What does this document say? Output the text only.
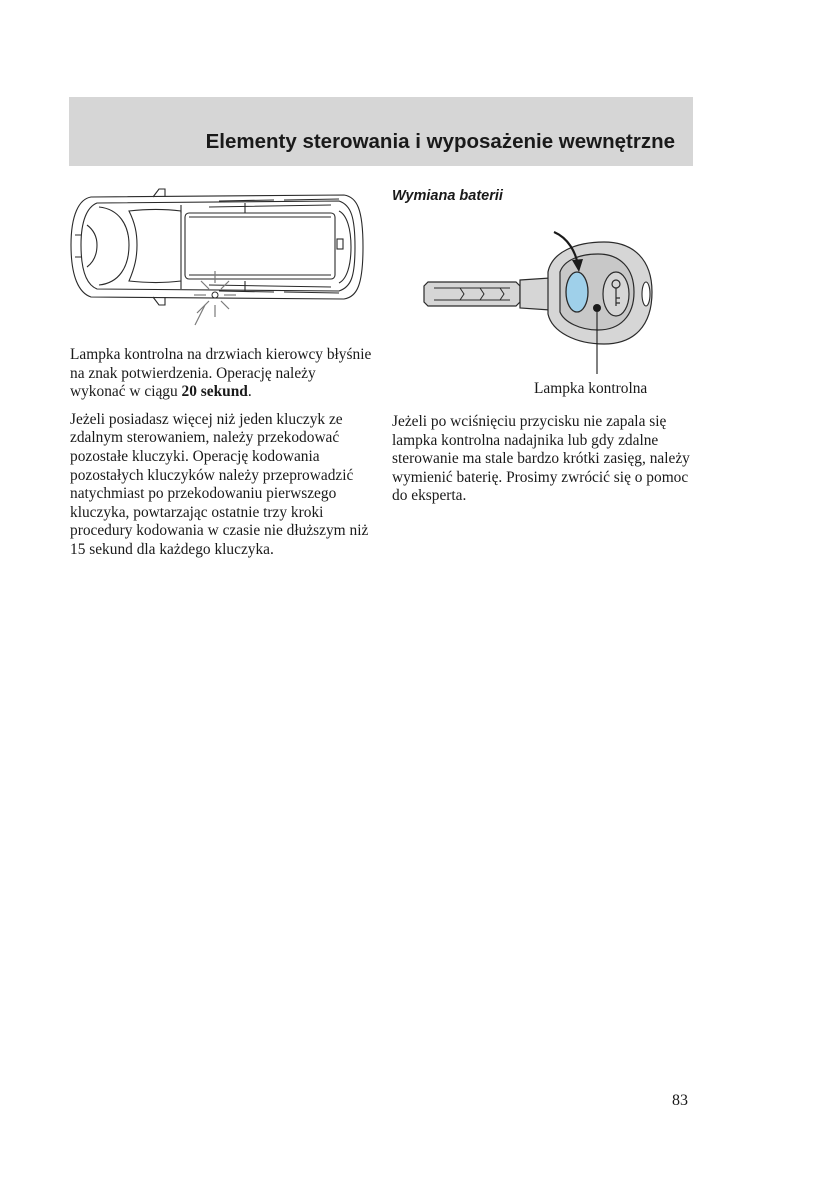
Elementy sterowania i wyposażenie wewnętrzne

Lampka kontrolna na drzwiach kierowcy błyśnie na znak potwierdzenia. Operację należy wykonać w ciągu 20 sekund.

Jeżeli posiadasz więcej niż jeden kluczyk ze zdalnym sterowaniem, należy przekodować pozostałe kluczyki. Operację kodowania pozostałych kluczyków należy przeprowadzić natychmiast po przekodowaniu pierwszego kluczyka, powtarzając ostatnie trzy kroki procedury kodowania w czasie nie dłuższym niż 15 sekund dla każdego kluczyka.

Wymiana baterii
Lampka kontrolna

Jeżeli po wciśnięciu przycisku nie zapala się lampka kontrolna nadajnika lub gdy zdalne sterowanie ma stale bardzo krótki zasięg, należy wymienić baterię. Prosimy zwrócić się o pomoc do eksperta.

83
